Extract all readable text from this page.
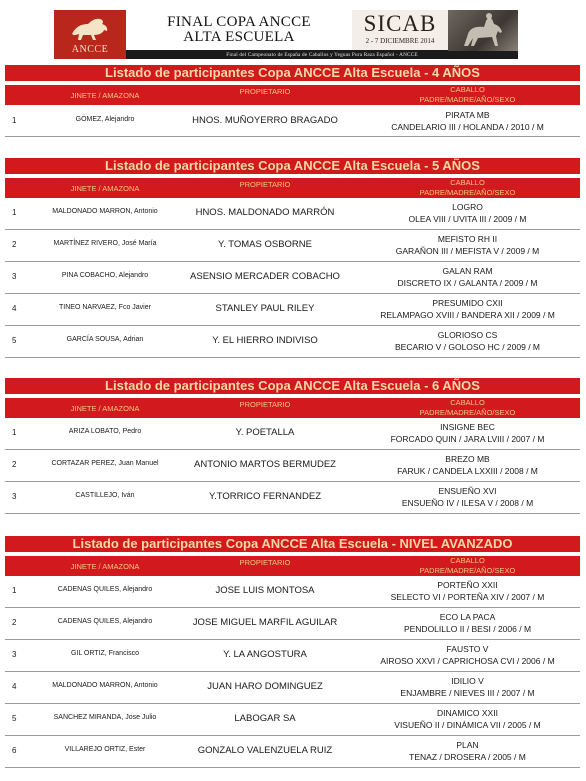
ANCCE
FINAL COPA ANCCE
ALTA ESCUELA
SICAB
2 - 7 DICIEMBRE 2014
Final del Campeonato de España de Caballos y Yeguas Pura Raza Español - ANCCE
Listado de participantes Copa ANCCE Alta Escuela - 4 AÑOS
JINETE / AMAZONA	PROPIETARIO	CABALLO
PADRE/MADRE/AÑO/SEXO
1	GÓMEZ, Alejandro	HNOS. MUÑOYERRO BRAGADO	PIRATA MB
CANDELARIO III / HOLANDA / 2010 / M
Listado de participantes Copa ANCCE Alta Escuela - 5 AÑOS
JINETE / AMAZONA	PROPIETARIO	CABALLO
PADRE/MADRE/AÑO/SEXO
1	MALDONADO MARRON, Antonio	HNOS. MALDONADO MARRÓN	LOGRO
OLEA VIII / UVITA III / 2009 / M
2	MARTÍNEZ RIVERO, José María	Y. TOMAS OSBORNE	MEFISTO RH II
GARAÑON III / MEFISTA V / 2009 / M
3	PINA COBACHO, Alejandro	ASENSIO MERCADER COBACHO	GALAN RAM
DISCRETO IX / GALANTA / 2009 / M
4	TINEO NARVAEZ, Fco Javier	STANLEY PAUL RILEY	PRESUMIDO CXII
RELAMPAGO XVIII / BANDERA XII / 2009 / M
5	GARCÍA SOUSA, Adrian	Y. EL HIERRO INDIVISO	GLORIOSO CS
BECARIO V / GOLOSO HC / 2009 / M
Listado de participantes Copa ANCCE Alta Escuela - 6 AÑOS
JINETE / AMAZONA	PROPIETARIO	CABALLO
PADRE/MADRE/AÑO/SEXO
1	ARIZA LOBATO, Pedro	Y. POETALLA	INSIGNE BEC
FORCADO QUIN / JARA LVIII / 2007 / M
2	CORTAZAR PEREZ, Juan Manuel	ANTONIO MARTOS BERMUDEZ	BREZO MB
FARUK / CANDELA LXXIII / 2008 / M
3	CASTILLEJO, Iván	Y.TORRICO FERNANDEZ	ENSUEÑO XVI
ENSUEÑO IV / ILESA V / 2008 / M
Listado de participantes Copa ANCCE Alta Escuela - NIVEL AVANZADO
JINETE / AMAZONA	PROPIETARIO	CABALLO
PADRE/MADRE/AÑO/SEXO
1	CADENAS QUILES, Alejandro	JOSE LUIS MONTOSA	PORTEÑO XXII
SELECTO VI / PORTEÑA XIV / 2007 / M
2	CADENAS QUILES, Alejandro	JOSE MIGUEL MARFIL AGUILAR	ECO LA PACA
PENDOLILLO II / BESI / 2006 / M
3	GIL ORTIZ, Francisco	Y. LA ANGOSTURA	FAUSTO V
AIROSO XXVI / CAPRICHOSA CVI / 2006 / M
4	MALDONADO MARRON, Antonio	JUAN HARO DOMINGUEZ	IDILIO V
ENJAMBRE / NIEVES III / 2007 / M
5	SANCHEZ MIRANDA, Jose Julio	LABOGAR SA	DINAMICO XXII
VISUEÑO II / DINÁMICA VII / 2005 / M
6	VILLAREJO ORTIZ, Ester	GONZALO VALENZUELA RUIZ	PLAN
TENAZ / DROSERA / 2005 / M
